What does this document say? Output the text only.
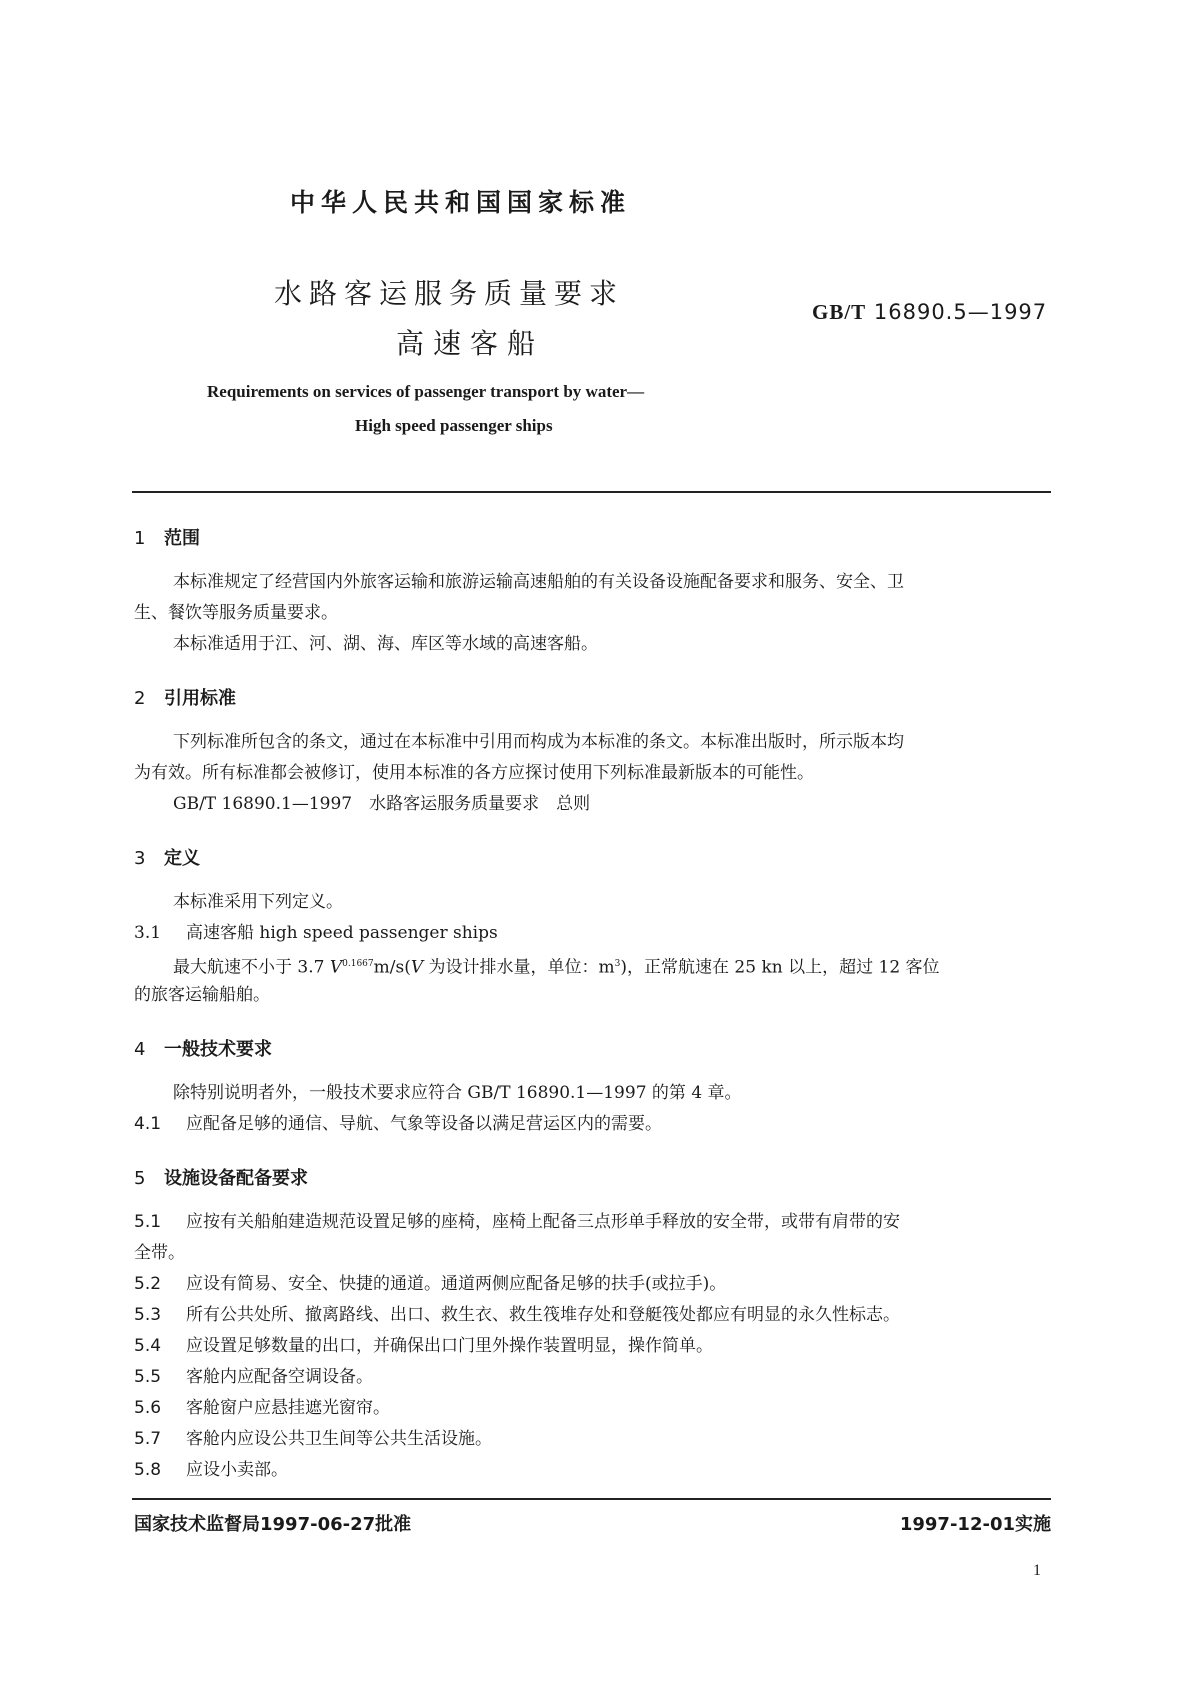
中华人民共和国国家标准
水路客运服务质量要求
高速客船
GB/T 16890.5—1997
Requirements on services of passenger transport by water—
High speed passenger ships
1 范围
本标准规定了经营国内外旅客运输和旅游运输高速船舶的有关设备设施配备要求和服务、安全、卫
生、餐饮等服务质量要求。
本标准适用于江、河、湖、海、库区等水域的高速客船。
2 引用标准
下列标准所包含的条文，通过在本标准中引用而构成为本标准的条文。本标准出版时，所示版本均
为有效。所有标准都会被修订，使用本标准的各方应探讨使用下列标准最新版本的可能性。
GB/T 16890.1—1997　水路客运服务质量要求　总则
3 定义
本标准采用下列定义。
3.1 高速客船 high speed passenger ships
最大航速不小于 3.7 $V^{0.1667}m/s(V$ 为设计排水量，单位：$m^3$)，正常航速在 25 kn 以上，超过 12 客位
的旅客运输船舶。
4 一般技术要求
除特别说明者外，一般技术要求应符合 GB/T 16890.1—1997 的第 4 章。
4.1 应配备足够的通信、导航、气象等设备以满足营运区内的需要。
5 设施设备配备要求
5.1 应按有关船舶建造规范设置足够的座椅，座椅上配备三点形单手释放的安全带，或带有肩带的安
全带。
5.2 应设有简易、安全、快捷的通道。通道两侧应配备足够的扶手(或拉手)。
5.3 所有公共处所、撤离路线、出口、救生衣、救生筏堆存处和登艇筏处都应有明显的永久性标志。
5.4 应设置足够数量的出口，并确保出口门里外操作装置明显，操作简单。
5.5 客舱内应配备空调设备。
5.6 客舱窗户应悬挂遮光窗帘。
5.7 客舱内应设公共卫生间等公共生活设施。
5.8 应设小卖部。
国家技术监督局1997-06-27批准	1997-12-01实施
1
